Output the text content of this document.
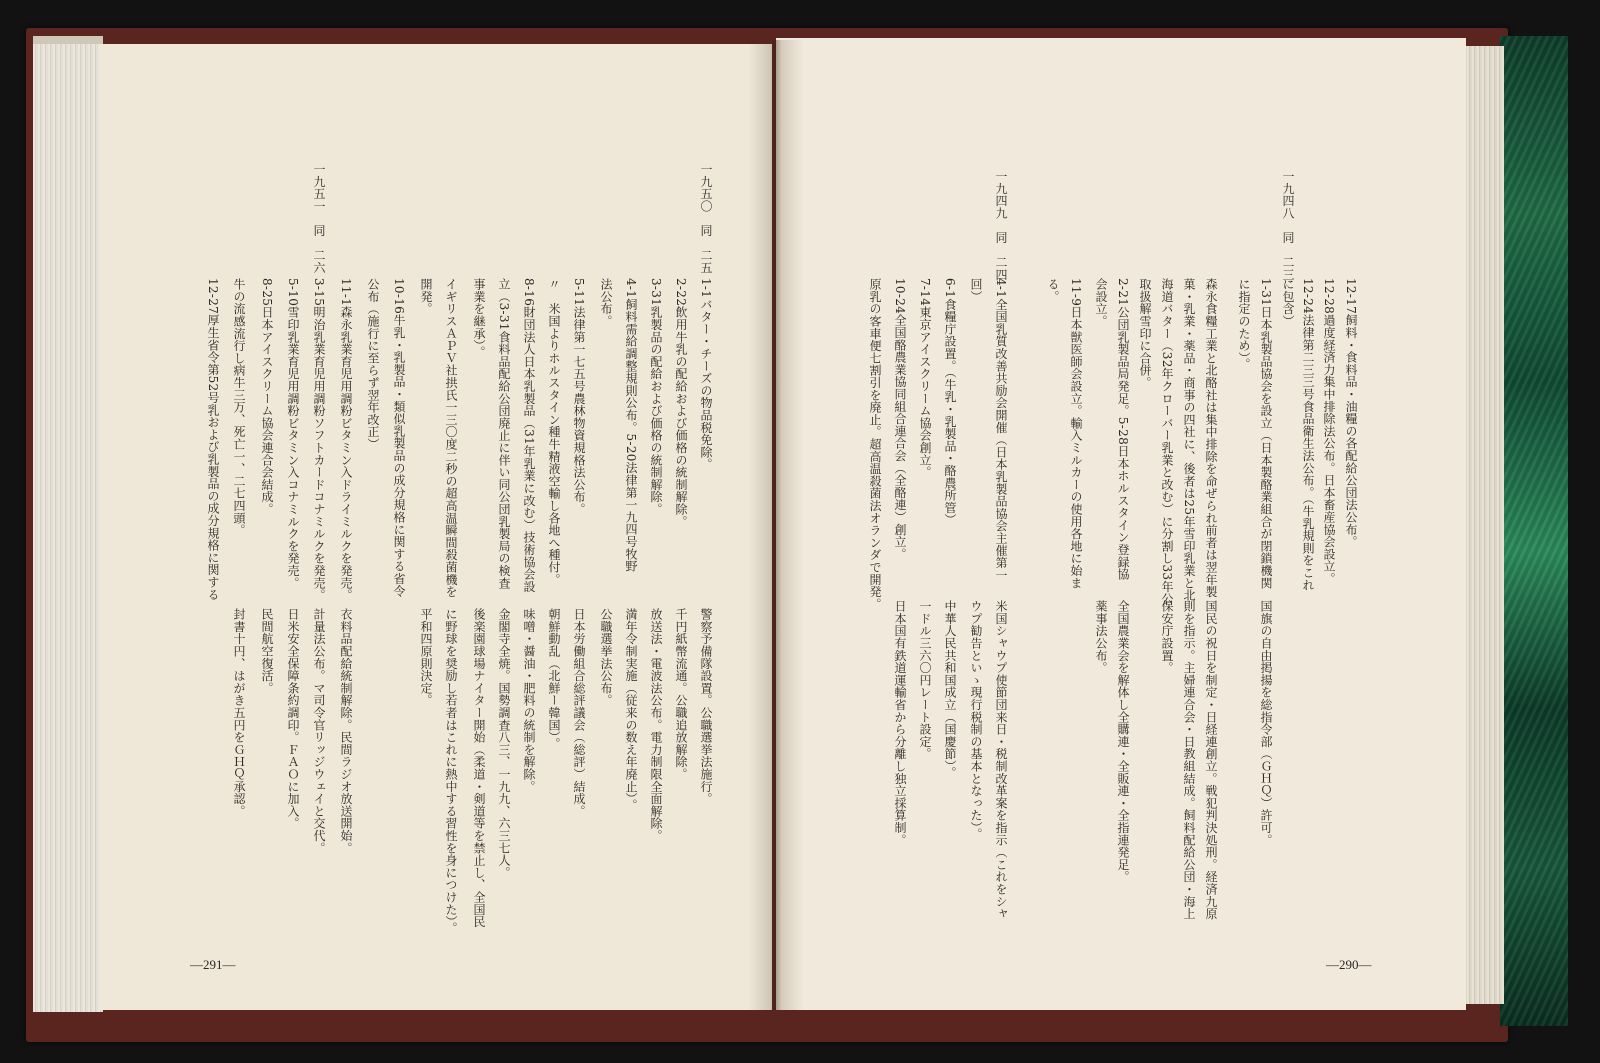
一九五〇　同　二五
1-1バター・チーズの物品税免除。
警察予備隊設置。公職選挙法施行。
2-22飲用牛乳の配給および価格の統制解除。
千円紙幣流通。公職追放解除。
3-31乳製品の配給および価格の統制解除。
放送法・電波法公布。電力制限全面解除。
4-1飼料需給調整規則公布。5-20法律第一九四号牧野
満年令制実施（従来の数え年廃止）。
法公布。
公職選挙法公布。
5-11法律第一七五号農林物資規格法公布。
日本労働組合総評議会（総評）結成。
〃　米国よりホルスタイン種牛精液空輸し各地へ種付。
朝鮮動乱（北鮮ー韓国）。
8-16財団法人日本乳製品（31年乳業に改む）技術協会設
味噌・醤油・肥料の統制を解除。
立（3-31食料品配給公団廃止に伴い同公団乳製局の検査
金閣寺全焼。国勢調査八三、一九九、六三七人。
事業を継承）。
後楽園球場ナイター開始（柔道・剣道等を禁止し、全国民
イギリスＡＰＶ社拱氏一三〇度二秒の超高温瞬間殺菌機を
に野球を奨励し若者はこれに熱中する習性を身につけた）。
開発。
平和四原則決定。
10-16牛乳・乳製品・類似乳製品の成分規格に関する省令
公布（施行に至らず翌年改正）
11-1森永乳業育児用調粉ビタミン入ドライミルクを発売。
衣料品配給統制解除。民間ラジオ放送開始。
一九五一　同　二六
3-15明治乳業育児用調粉ソフトカードコナミルクを発売。
計量法公布。マ司令官リッジウェイと交代。
5-10雪印乳業育児用調粉ビタミン入コナミルクを発売。
日米安全保障条約調印。ＦＡＯに加入。
8-25日本アイスクリーム協会連合会結成。
民間航空復活。
牛の流感流行し病牛三万、死亡一、二七四頭。
封書十円、はがき五円をＧＨＱ承認。
12-27厚生省令第52号乳および乳製品の成分規格に関する
—291—
12-17飼料・食料品・油糧の各配給公団法公布。
12-28過度経済力集中排除法公布。日本畜産協会設立。
12-24法律第二三三号食品衛生法公布。（牛乳規則をこれ
一九四八　同　二三
に包含）
1-31日本乳製品協会を設立（日本製酪業組合が閉鎖機関
国旗の自由掲揚を総指令部（ＧＨＱ）許可。
に指定のため）。
森永食糧工業と北酪社は集中排除を命ぜられ前者は翌年製
国民の祝日を制定・日経連創立。戦犯判決処刑。経済九原
菓・乳業・薬品・商事の四社に、後者は25年雪印乳業と北
則を指示。主婦連合会・日教組結成。飼料配給公団・海上
海道バター（32年クローバー乳業と改む）に分割し33年公
保安庁設置。
取扱解雪印に合併。
2-21公団乳製品局発足。5-28日本ホルスタイン登録協
全国農業会を解体し全購連・全販連・全指連発足。
会設立。
薬事法公布。
11-9日本獣医師会設立。輸入ミルカーの使用各地に始ま
る。
一九四九　同　二四
4-1全国乳質改善共励会開催（日本乳製品協会主催第一
米国シャウプ使節団来日・税制改革案を指示（これをシャ
回）
ウプ勧告といゝ現行税制の基本となった）。
6-1食糧庁設置。（牛乳・乳製品・酪農所管）
中華人民共和国成立（国慶節）。
7-14東京アイスクリーム協会創立。
一ドル三六〇円レート設定。
10-24全国酪農業協同組合連合会（全酪連）創立。
日本国有鉄道運輸省から分離し独立採算制。
原乳の客車便七割引を廃止。超高温殺菌法オランダで開発。
—290—
